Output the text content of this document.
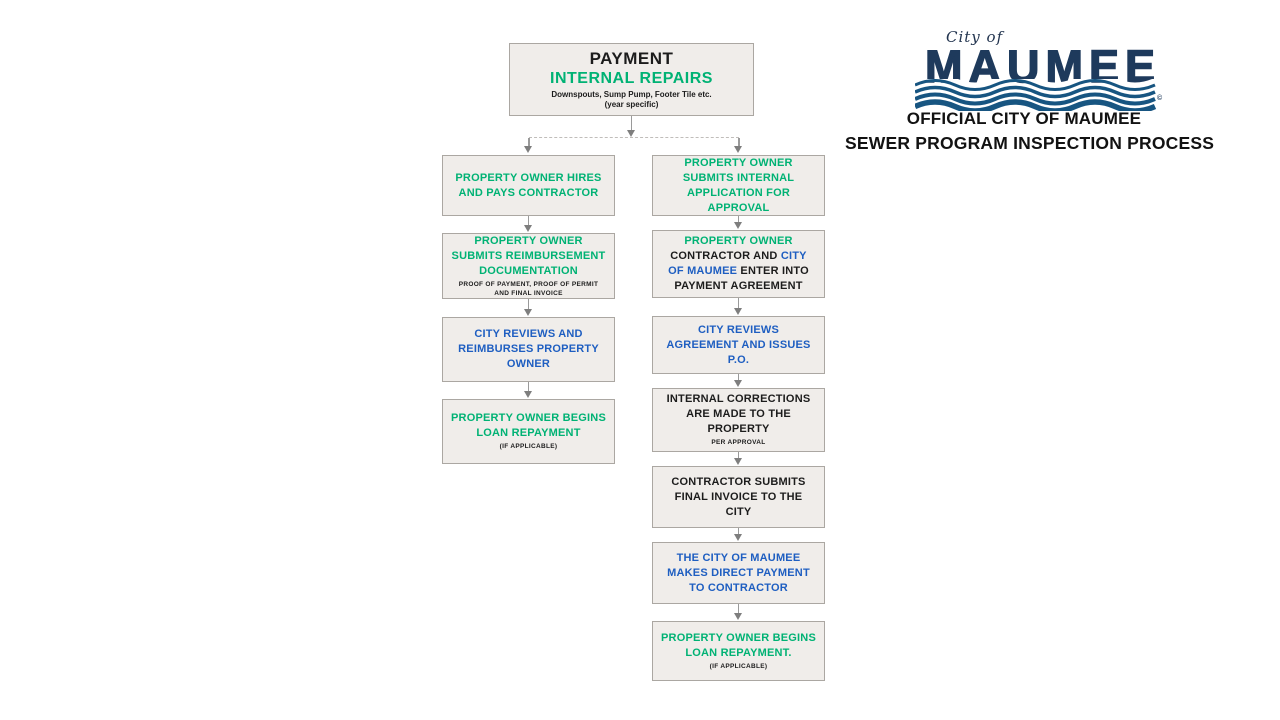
PAYMENT
INTERNAL REPAIRS
Downspouts, Sump Pump, Footer Tile etc.
(year specific)
PROPERTY OWNER HIRES AND PAYS CONTRACTOR
PROPERTY OWNER SUBMITS REIMBURSEMENT DOCUMENTATION
PROOF OF PAYMENT, PROOF OF PERMIT AND FINAL INVOICE
CITY REVIEWS AND REIMBURSES PROPERTY OWNER
PROPERTY OWNER BEGINS LOAN REPAYMENT
(IF APPLICABLE)
PROPERTY OWNER SUBMITS INTERNAL APPLICATION FOR APPROVAL
PROPERTY OWNER
CONTRACTOR AND CITY OF MAUMEE ENTER INTO PAYMENT AGREEMENT
CITY REVIEWS AGREEMENT AND ISSUES P.O.
INTERNAL CORRECTIONS ARE MADE TO THE PROPERTY
PER APPROVAL
CONTRACTOR SUBMITS FINAL INVOICE TO THE CITY
THE CITY OF MAUMEE MAKES DIRECT PAYMENT TO CONTRACTOR
PROPERTY OWNER BEGINS LOAN REPAYMENT.
(IF APPLICABLE)
City of
MAUMEE
©
OFFICIAL CITY OF MAUMEE
SEWER PROGRAM INSPECTION PROCESS
